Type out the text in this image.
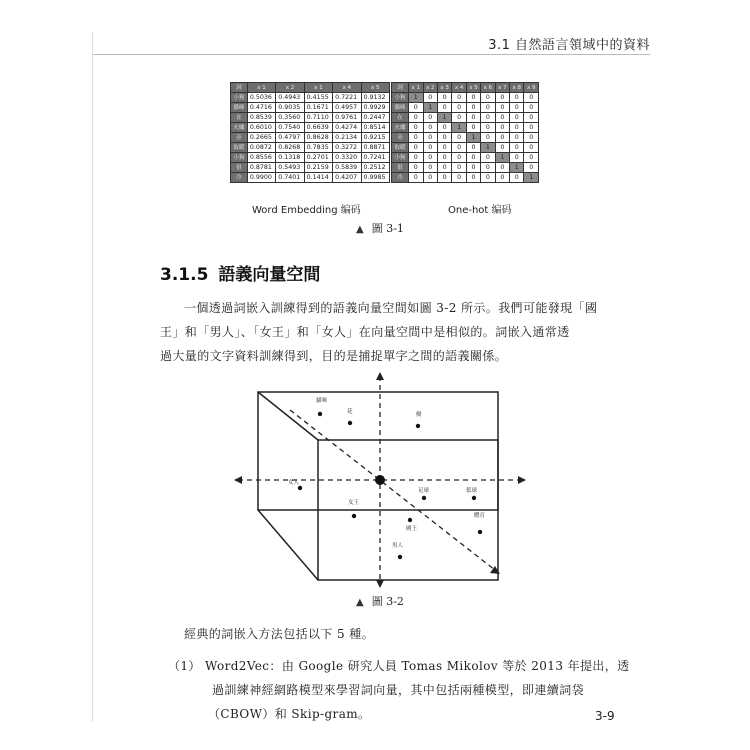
3.1 自然語言領域中的資料
詞	x 1	x 2	x 1	x 4	x 5
小狗	0.5036	0.4943	0.4155	0.7221	0.9132
貓咪	0.4716	0.9035	0.1671	0.4957	0.9929
在	0.8539	0.3560	0.7110	0.9761	0.2447
火爐	0.6010	0.7540	0.6639	0.4274	0.8514
旁	0.2665	0.4797	0.8628	0.2134	0.9215
取暖	0.0872	0.8268	0.7835	0.3272	0.8871
小狗	0.8556	0.1318	0.2701	0.3320	0.7241
很	0.8781	0.5493	0.2159	0.5839	0.2512
冷	0.9900	0.7401	0.1414	0.4207	0.9985
詞	x 1	x 2	x 3	x 4	x 5	x 6	x 7	x 8	x 9
小狗	1	0	0	0	0	0	0	0	0
貓咪	0	1	0	0	0	0	0	0	0
在	0	0	1	0	0	0	0	0	0
火爐	0	0	0	1	0	0	0	0	0
旁	0	0	0	0	1	0	0	0	0
取暖	0	0	0	0	0	1	0	0	0
小狗	0	0	0	0	0	0	1	0	0
很	0	0	0	0	0	0	0	1	0
冷	0	0	0	0	0	0	0	0	1
Word Embedding 编码	One-hot 编码
▲ 圖 3-1
3.1.5 語義向量空間
一個透過詞嵌入訓練得到的語義向量空間如圖 3-2 所示。我們可能發現「國
王」和「男人」、「女王」和「女人」在向量空間中是相似的。詞嵌入通常透
過大量的文字資料訓練得到，目的是捕捉單字之間的語義關係。
貓咪
花	樹
女人
足球	籃球
女王
國王
體育
男人
▲ 圖 3-2
經典的詞嵌入方法包括以下 5 種。
（1） Word2Vec：由 Google 研究人員 Tomas Mikolov 等於 2013 年提出，透
過訓練神經網路模型來學習詞向量，其中包括兩種模型，即連續詞袋
（CBOW）和 Skip-gram。	3-9
